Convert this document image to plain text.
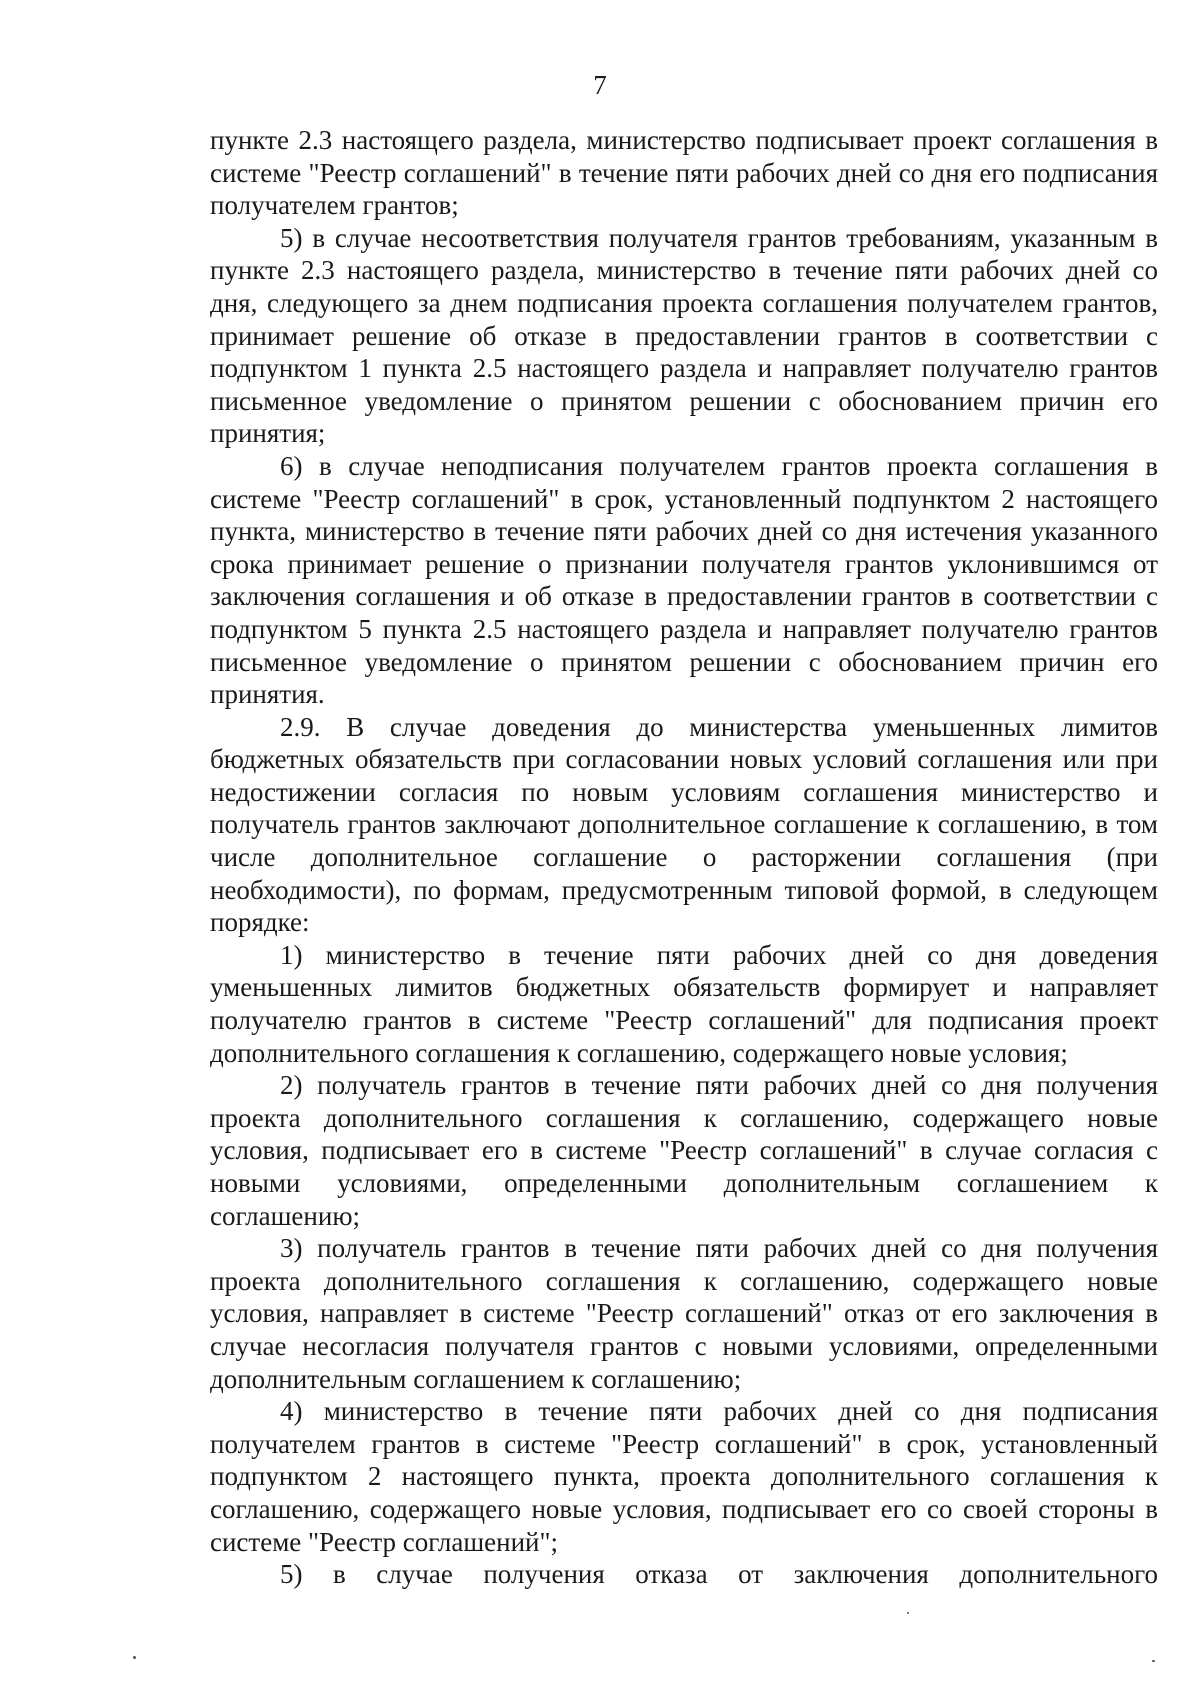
7

пункте 2.3 настоящего раздела, министерство подписывает проект соглашения в системе "Реестр соглашений" в течение пяти рабочих дней со дня его подписания получателем грантов;

5) в случае несоответствия получателя грантов требованиям, указанным в пункте 2.3 настоящего раздела, министерство в течение пяти рабочих дней со дня, следующего за днем подписания проекта соглашения получателем грантов, принимает решение об отказе в предоставлении грантов в соответствии с подпунктом 1 пункта 2.5 настоящего раздела и направляет получателю грантов письменное уведомление о принятом решении с обоснованием причин его принятия;

6) в случае неподписания получателем грантов проекта соглашения в системе "Реестр соглашений" в срок, установленный подпунктом 2 настоящего пункта, министерство в течение пяти рабочих дней со дня истечения указанного срока принимает решение о признании получателя грантов уклонившимся от заключения соглашения и об отказе в предоставлении грантов в соответствии с подпунктом 5 пункта 2.5 настоящего раздела и направляет получателю грантов письменное уведомление о принятом решении с обоснованием причин его принятия.

2.9. В случае доведения до министерства уменьшенных лимитов бюджетных обязательств при согласовании новых условий соглашения или при недостижении согласия по новым условиям соглашения министерство и получатель грантов заключают дополнительное соглашение к соглашению, в том числе дополнительное соглашение о расторжении соглашения (при необходимости), по формам, предусмотренным типовой формой, в следующем порядке:

1) министерство в течение пяти рабочих дней со дня доведения уменьшенных лимитов бюджетных обязательств формирует и направляет получателю грантов в системе "Реестр соглашений" для подписания проект дополнительного соглашения к соглашению, содержащего новые условия;

2) получатель грантов в течение пяти рабочих дней со дня получения проекта дополнительного соглашения к соглашению, содержащего новые условия, подписывает его в системе "Реестр соглашений" в случае согласия с новыми условиями, определенными дополнительным соглашением к соглашению;

3) получатель грантов в течение пяти рабочих дней со дня получения проекта дополнительного соглашения к соглашению, содержащего новые условия, направляет в системе "Реестр соглашений" отказ от его заключения в случае несогласия получателя грантов с новыми условиями, определенными дополнительным соглашением к соглашению;

4) министерство в течение пяти рабочих дней со дня подписания получателем грантов в системе "Реестр соглашений" в срок, установленный подпунктом 2 настоящего пункта, проекта дополнительного соглашения к соглашению, содержащего новые условия, подписывает его со своей стороны в системе "Реестр соглашений";

5) в случае получения отказа от заключения дополнительного
